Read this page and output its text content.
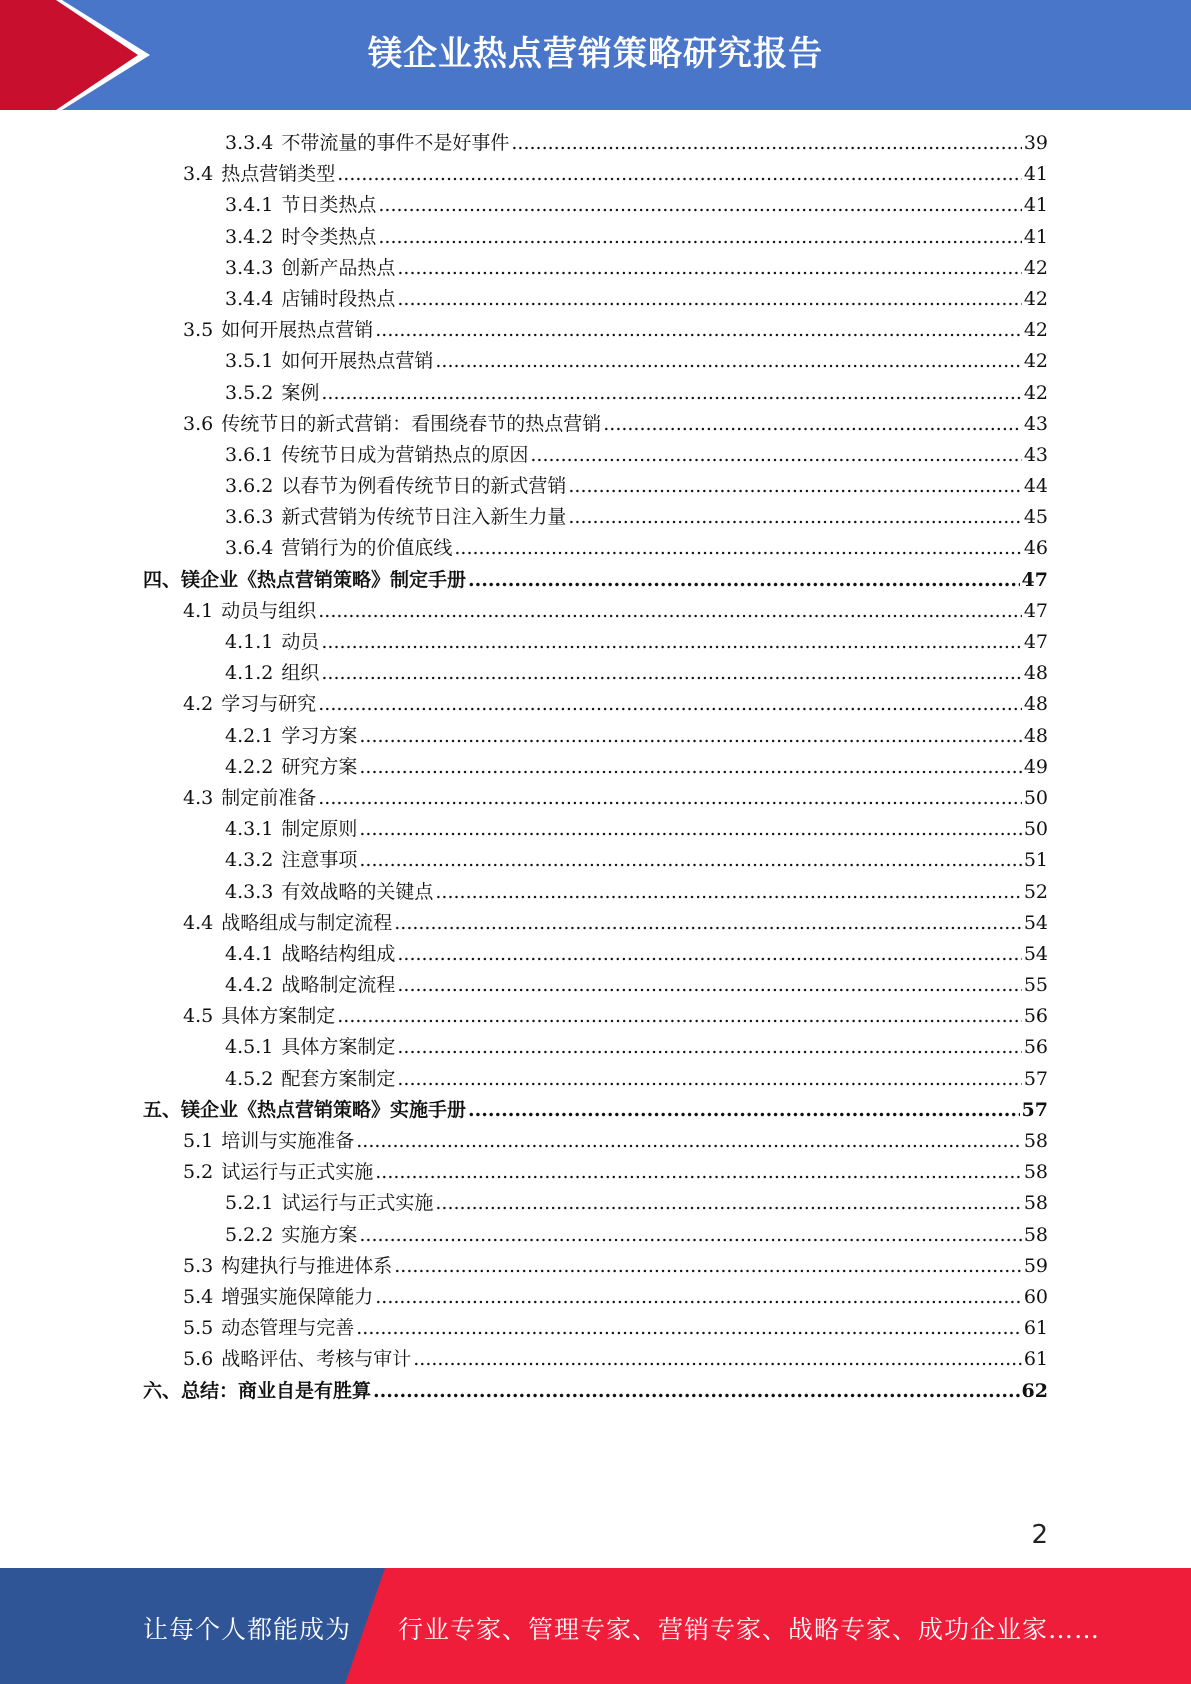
镁企业热点营销策略研究报告
3.3.4 不带流量的事件不是好事件 .....	39
3.4 热点营销类型 .....	41
3.4.1 节日类热点 .....	41
3.4.2 时令类热点 .....	41
3.4.3 创新产品热点 .....	42
3.4.4 店铺时段热点 .....	42
3.5 如何开展热点营销 .....	42
3.5.1 如何开展热点营销 .....	42
3.5.2 案例 .....	42
3.6 传统节日的新式营销：看围绕春节的热点营销 .....	43
3.6.1 传统节日成为营销热点的原因 .....	43
3.6.2 以春节为例看传统节日的新式营销 .....	44
3.6.3 新式营销为传统节日注入新生力量 .....	45
3.6.4 营销行为的价值底线 .....	46
四、镁企业《热点营销策略》制定手册 .....	47
4.1 动员与组织 .....	47
4.1.1 动员 .....	47
4.1.2 组织 .....	48
4.2 学习与研究 .....	48
4.2.1 学习方案 .....	48
4.2.2 研究方案 .....	49
4.3 制定前准备 .....	50
4.3.1 制定原则 .....	50
4.3.2 注意事项 .....	51
4.3.3 有效战略的关键点 .....	52
4.4 战略组成与制定流程 .....	54
4.4.1 战略结构组成 .....	54
4.4.2 战略制定流程 .....	55
4.5 具体方案制定 .....	56
4.5.1 具体方案制定 .....	56
4.5.2 配套方案制定 .....	57
五、镁企业《热点营销策略》实施手册 .....	57
5.1 培训与实施准备 .....	58
5.2 试运行与正式实施 .....	58
5.2.1 试运行与正式实施 .....	58
5.2.2 实施方案 .....	58
5.3 构建执行与推进体系 .....	59
5.4 增强实施保障能力 .....	60
5.5 动态管理与完善 .....	61
5.6 战略评估、考核与审计 .....	61
六、总结：商业自是有胜算 .....	62
2
让每个人都能成为 行业专家、管理专家、营销专家、战略专家、成功企业家……
